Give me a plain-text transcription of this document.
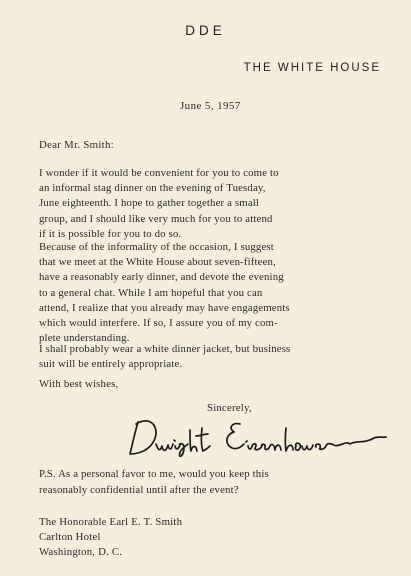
DDE
THE WHITE HOUSE
June 5, 1957
Dear Mr. Smith:
I wonder if it would be convenient for you to come to
an informal stag dinner on the evening of Tuesday,
June eighteenth. I hope to gather together a small
group, and I should like very much for you to attend
if it is possible for you to do so.
Because of the informality of the occasion, I suggest
that we meet at the White House about seven-fifteen,
have a reasonably early dinner, and devote the evening
to a general chat. While I am hopeful that you can
attend, I realize that you already may have engagements
which would interfere. If so, I assure you of my com-
plete understanding.
I shall probably wear a white dinner jacket, but business
suit will be entirely appropriate.
With best wishes,
Sincerely,
P.S. As a personal favor to me, would you keep this
reasonably confidential until after the event?
The Honorable Earl E. T. Smith
Carlton Hotel
Washington, D. C.
